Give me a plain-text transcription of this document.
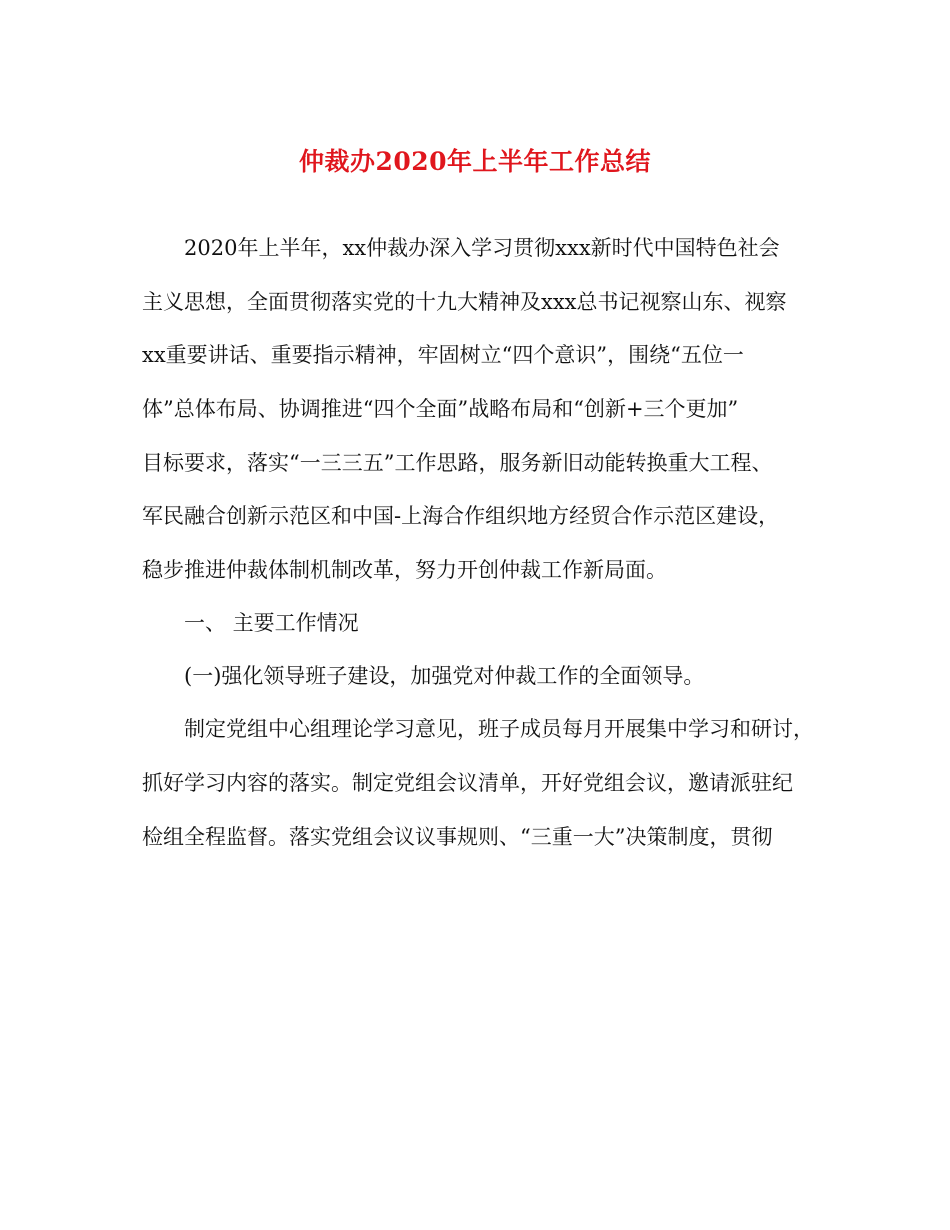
仲裁办2020年上半年工作总结
2020年上半年，xx仲裁办深入学习贯彻xxx新时代中国特色社会
主义思想，全面贯彻落实党的十九大精神及xxx总书记视察山东、视察
xx重要讲话、重要指示精神，牢固树立“四个意识”，围绕“五位一
体”总体布局、协调推进“四个全面”战略布局和“创新+三个更加”
目标要求，落实“一三三五”工作思路，服务新旧动能转换重大工程、
军民融合创新示范区和中国-上海合作组织地方经贸合作示范区建设，
稳步推进仲裁体制机制改革，努力开创仲裁工作新局面。
一、 主要工作情况
(一)强化领导班子建设，加强党对仲裁工作的全面领导。
制定党组中心组理论学习意见，班子成员每月开展集中学习和研讨，
抓好学习内容的落实。制定党组会议清单，开好党组会议，邀请派驻纪
检组全程监督。落实党组会议议事规则、“三重一大”决策制度，贯彻
